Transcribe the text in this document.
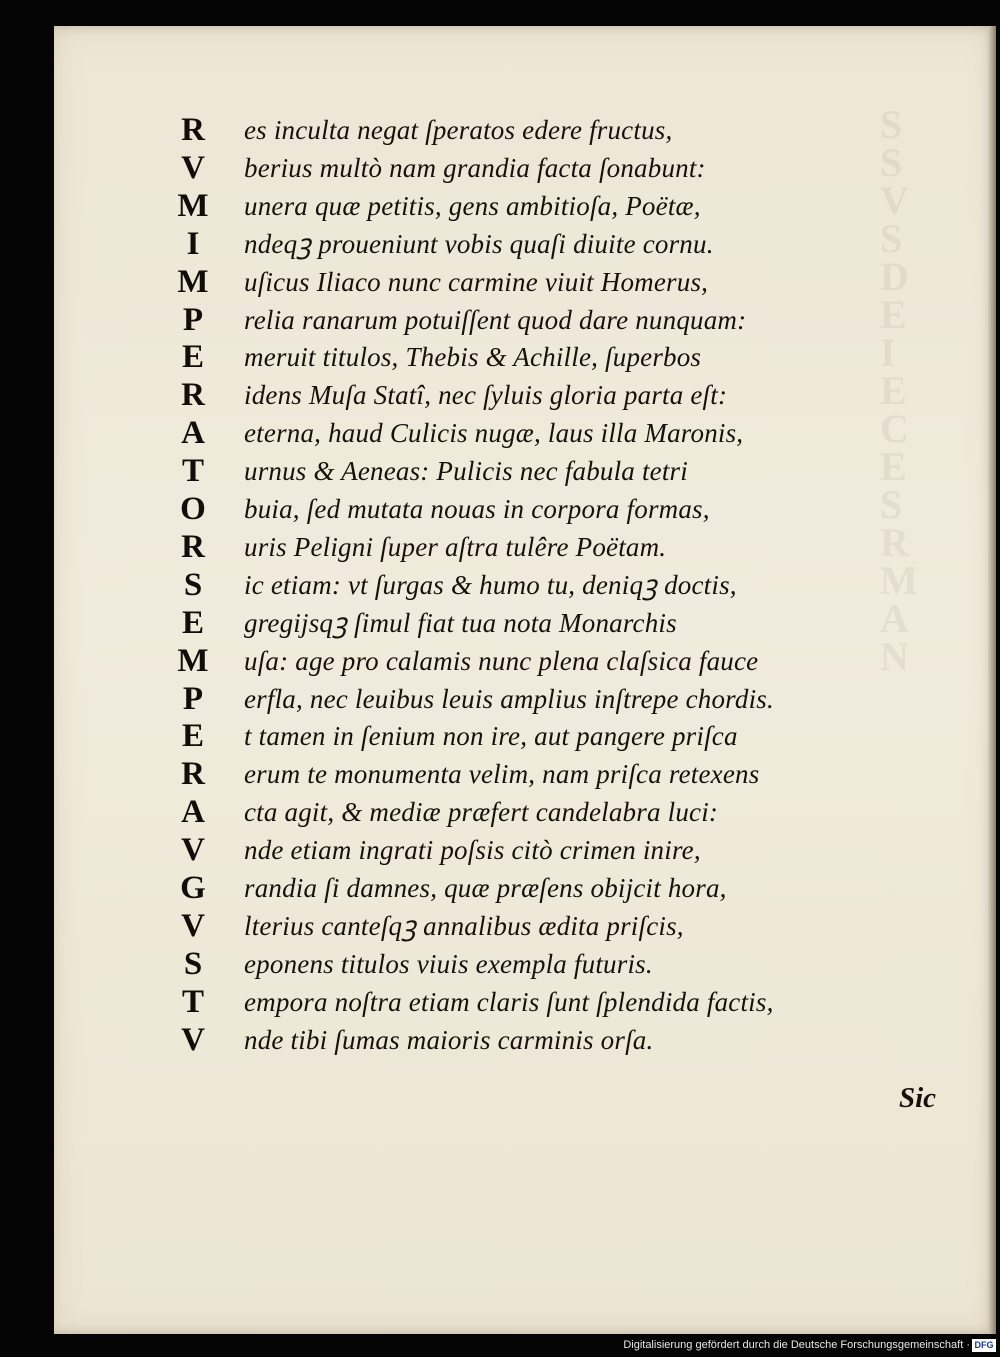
S
S
V
S
D
E
I
E
C
E
S
R
M
A
N
R	es inculta negat ſperatos edere fructus,
V	berius multò nam grandia facta ſonabunt:
M	unera quæ petitis, gens ambitioſa, Poëtæ,
I	ndeqꝫ proueniunt vobis quaſi diuite cornu.
M	uſicus Iliaco nunc carmine viuit Homerus,
P	relia ranarum potuiſſent quod dare nunquam:
E	meruit titulos, Thebis & Achille, ſuperbos
R	idens Muſa Statî, nec ſyluis gloria parta eſt:
A	eterna, haud Culicis nugæ, laus illa Maronis,
T	urnus & Aeneas: Pulicis nec fabula tetri
O	buia, ſed mutata nouas in corpora formas,
R	uris Peligni ſuper aſtra tulêre Poëtam.
S	ic etiam: vt ſurgas & humo tu, deniqꝫ doctis,
E	gregijsqꝫ ſimul fiat tua nota Monarchis
M	uſa: age pro calamis nunc plena claſsica fauce
P	erfla, nec leuibus leuis amplius inſtrepe chordis.
E	t tamen in ſenium non ire, aut pangere priſca
R	erum te monumenta velim, nam priſca retexens
A	cta agit, & mediæ præfert candelabra luci:
V	nde etiam ingrati poſsis citò crimen inire,
G	randia ſi damnes, quæ præſens obijcit hora,
V	lterius canteſqꝫ annalibus ædita priſcis,
S	eponens titulos viuis exempla futuris.
T	empora noſtra etiam claris ſunt ſplendida factis,
V	nde tibi ſumas maioris carminis orſa.
Sic
Digitalisierung gefördert durch die Deutsche Forschungsgemeinschaft · DFG
